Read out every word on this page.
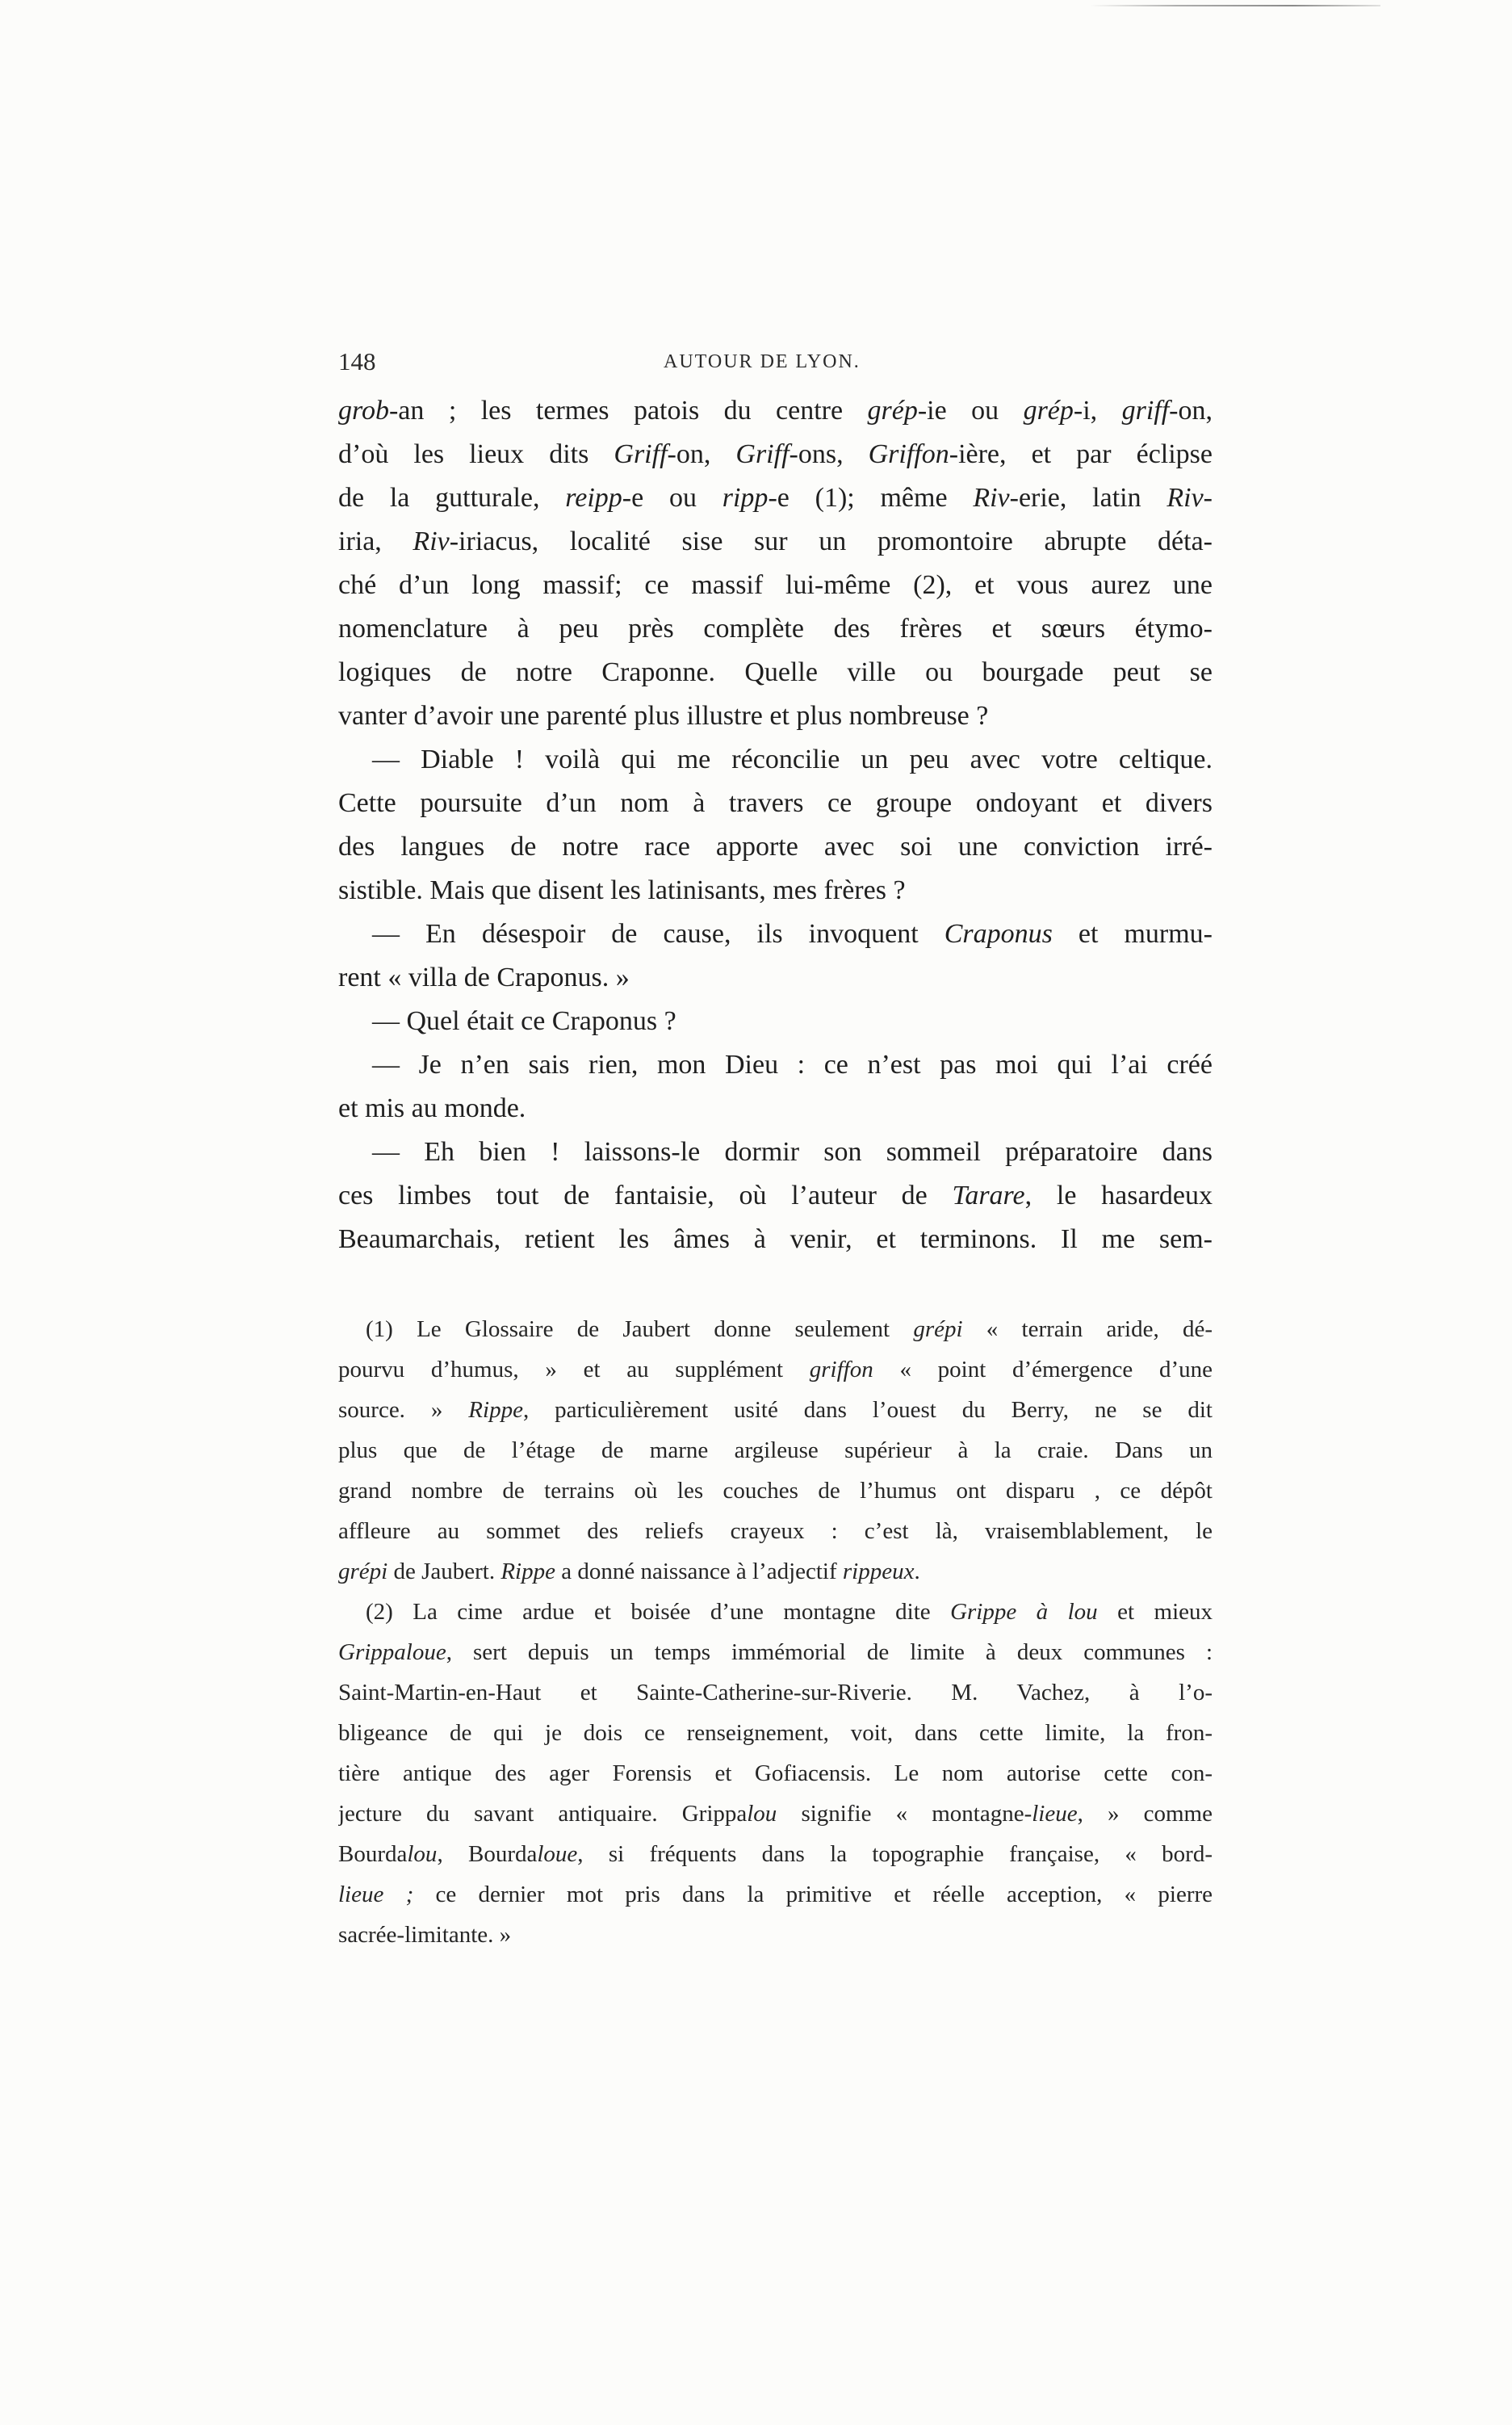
148	AUTOUR DE LYON.
grob-an ; les termes patois du centre grép-ie ou grép-i, griff-on,
d’où les lieux dits Griff-on, Griff-ons, Griffon-ière, et par éclipse
de la gutturale, reipp-e ou ripp-e (1); même Riv-erie, latin Riv-
iria, Riv-iriacus, localité sise sur un promontoire abrupte déta-
ché d’un long massif; ce massif lui-même (2), et vous aurez une
nomenclature à peu près complète des frères et sœurs étymo-
logiques de notre Craponne. Quelle ville ou bourgade peut se
vanter d’avoir une parenté plus illustre et plus nombreuse ?
— Diable ! voilà qui me réconcilie un peu avec votre celtique.
Cette poursuite d’un nom à travers ce groupe ondoyant et divers
des langues de notre race apporte avec soi une conviction irré-
sistible. Mais que disent les latinisants, mes frères ?
— En désespoir de cause, ils invoquent Craponus et murmu-
rent « villa de Craponus. »
— Quel était ce Craponus ?
— Je n’en sais rien, mon Dieu : ce n’est pas moi qui l’ai créé
et mis au monde.
— Eh bien ! laissons-le dormir son sommeil préparatoire dans
ces limbes tout de fantaisie, où l’auteur de Tarare, le hasardeux
Beaumarchais, retient les âmes à venir, et terminons. Il me sem-
(1) Le Glossaire de Jaubert donne seulement grépi « terrain aride, dé-
pourvu d’humus, » et au supplément griffon « point d’émergence d’une
source. » Rippe, particulièrement usité dans l’ouest du Berry, ne se dit
plus que de l’étage de marne argileuse supérieur à la craie. Dans un
grand nombre de terrains où les couches de l’humus ont disparu , ce dépôt
affleure au sommet des reliefs crayeux : c’est là, vraisemblablement, le
grépi de Jaubert. Rippe a donné naissance à l’adjectif rippeux.
(2) La cime ardue et boisée d’une montagne dite Grippe à lou et mieux
Grippaloue, sert depuis un temps immémorial de limite à deux communes :
Saint-Martin-en-Haut et Sainte-Catherine-sur-Riverie. M. Vachez, à l’o-
bligeance de qui je dois ce renseignement, voit, dans cette limite, la fron-
tière antique des ager Forensis et Gofiacensis. Le nom autorise cette con-
jecture du savant antiquaire. Grippalou signifie « montagne-lieue, » comme
Bourdalou, Bourdaloue, si fréquents dans la topographie française, « bord-
lieue ; ce dernier mot pris dans la primitive et réelle acception, « pierre
sacrée-limitante. »
